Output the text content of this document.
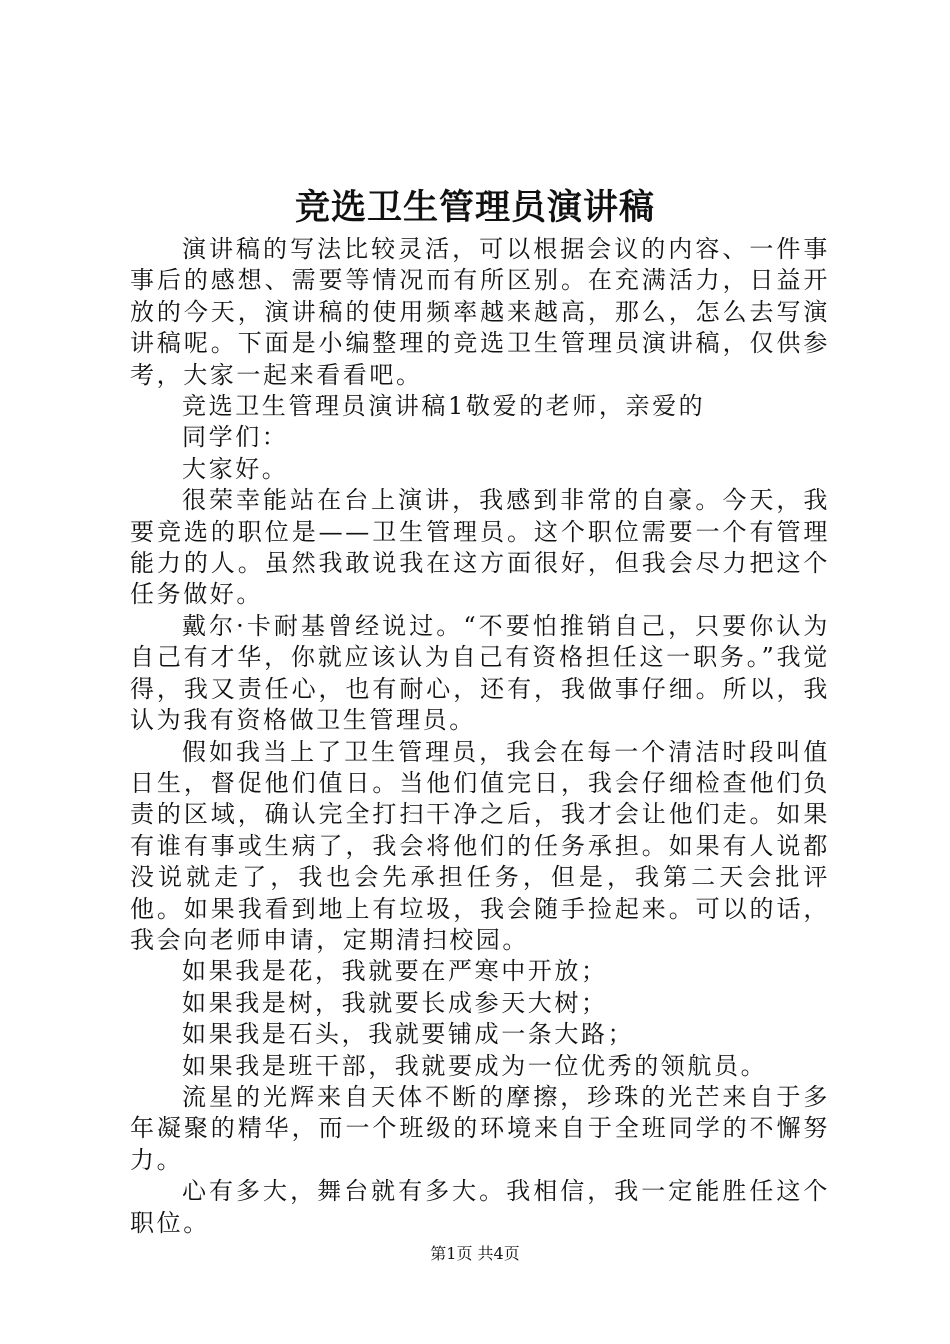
竞选卫生管理员演讲稿

演讲稿的写法比较灵活，可以根据会议的内容、一件事事后的感想、需要等情况而有所区别。在充满活力，日益开放的今天，演讲稿的使用频率越来越高，那么，怎么去写演讲稿呢。下面是小编整理的竞选卫生管理员演讲稿，仅供参考，大家一起来看看吧。

竞选卫生管理员演讲稿1敬爱的老师，亲爱的

同学们：

大家好。

很荣幸能站在台上演讲，我感到非常的自豪。今天，我要竞选的职位是——卫生管理员。这个职位需要一个有管理能力的人。虽然我敢说我在这方面很好，但我会尽力把这个任务做好。

戴尔·卡耐基曾经说过。“不要怕推销自己，只要你认为自己有才华，你就应该认为自己有资格担任这一职务。”我觉得，我又责任心，也有耐心，还有，我做事仔细。所以，我认为我有资格做卫生管理员。

假如我当上了卫生管理员，我会在每一个清洁时段叫值日生，督促他们值日。当他们值完日，我会仔细检查他们负责的区域，确认完全打扫干净之后，我才会让他们走。如果有谁有事或生病了，我会将他们的任务承担。如果有人说都没说就走了，我也会先承担任务，但是，我第二天会批评他。如果我看到地上有垃圾，我会随手捡起来。可以的话，我会向老师申请，定期清扫校园。

如果我是花，我就要在严寒中开放；

如果我是树，我就要长成参天大树；

如果我是石头，我就要铺成一条大路；

如果我是班干部，我就要成为一位优秀的领航员。

流星的光辉来自天体不断的摩擦，珍珠的光芒来自于多年凝聚的精华，而一个班级的环境来自于全班同学的不懈努力。

心有多大，舞台就有多大。我相信，我一定能胜任这个职位。

第1页 共4页
